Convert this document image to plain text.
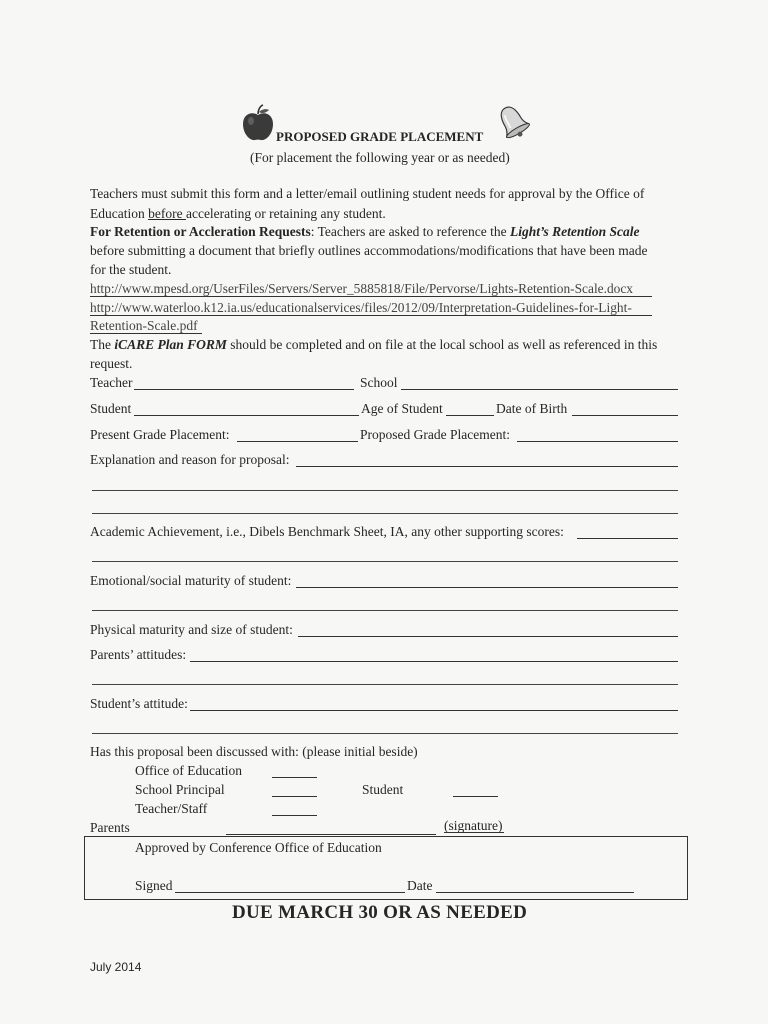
PROPOSED GRADE PLACEMENT
(For placement the following year or as needed)
Teachers must submit this form and a letter/email outlining student needs for approval by the Office of
Education before accelerating or retaining any student.
For Retention or Accleration Requests: Teachers are asked to reference the Light’s Retention Scale
before submitting a document that briefly outlines accommodations/modifications that have been made
for the student.
http://www.mpesd.org/UserFiles/Servers/Server_5885818/File/Pervorse/Lights-Retention-Scale.docx
http://www.waterloo.k12.ia.us/educationalservices/files/2012/09/Interpretation-Guidelines-for-Light-
Retention-Scale.pdf
The iCARE Plan FORM should be completed and on file at the local school as well as referenced in this
request.
Teacher	School
Student	Age of Student	Date of Birth
Present Grade Placement:	Proposed Grade Placement:
Explanation and reason for proposal:
Academic Achievement, i.e., Dibels Benchmark Sheet, IA, any other supporting scores:
Emotional/social maturity of student:
Physical maturity and size of student:
Parents’ attitudes:
Student’s attitude:
Has this proposal been discussed with: (please initial beside)
Office of Education
School Principal	Student
Teacher/Staff
Parents	(signature)
Approved by Conference Office of Education
Signed	Date
DUE MARCH 30 OR AS NEEDED
July 2014
